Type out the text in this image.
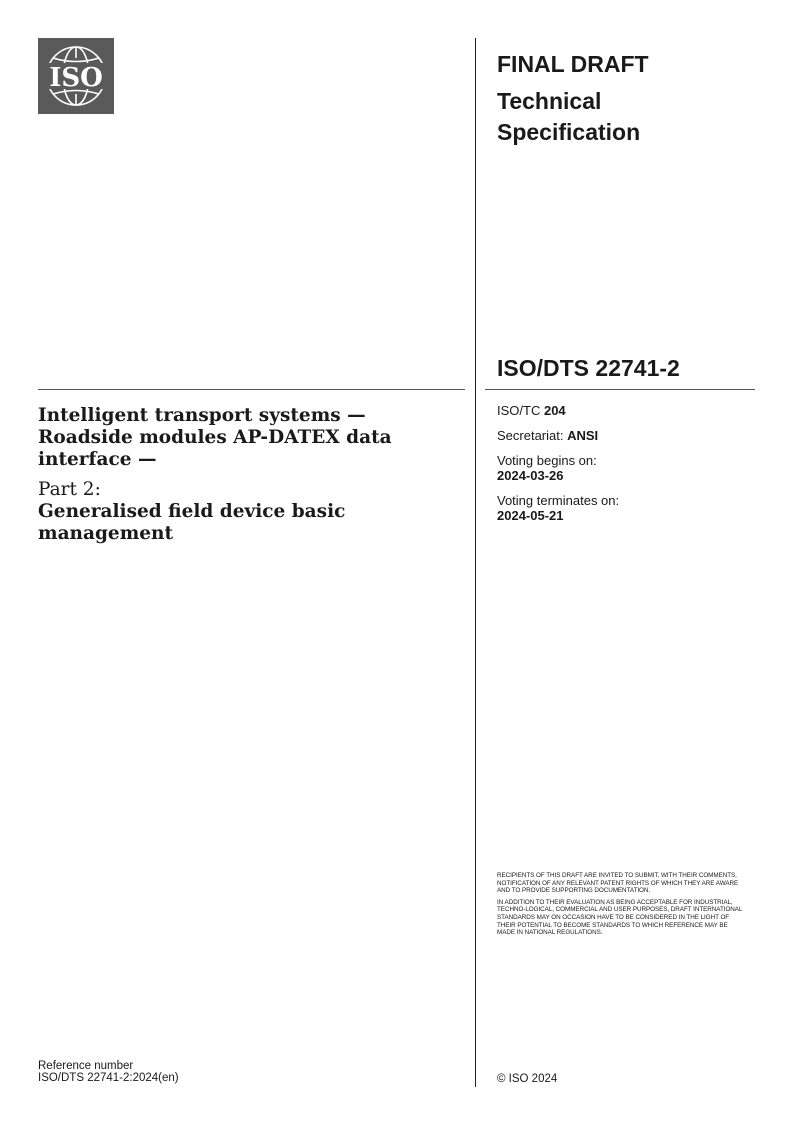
ISO	FINAL DRAFT
Technical Specification
ISO/DTS 22741-2

Intelligent transport systems — Roadside modules AP-DATEX data interface —

Part 2:

Generalised field device basic management

ISO/TC 204

Secretariat: ANSI

Voting begins on:
2024-03-26

Voting terminates on:
2024-05-21

RECIPIENTS OF THIS DRAFT ARE INVITED TO SUBMIT, WITH THEIR COMMENTS, NOTIFICATION OF ANY RELEVANT PATENT RIGHTS OF WHICH THEY ARE AWARE AND TO PROVIDE SUPPORTING DOCUMENTATION.

IN ADDITION TO THEIR EVALUATION AS BEING ACCEPTABLE FOR INDUSTRIAL, TECHNO-LOGICAL, COMMERCIAL AND USER PURPOSES, DRAFT INTERNATIONAL STANDARDS MAY ON OCCASION HAVE TO BE CONSIDERED IN THE LIGHT OF THEIR POTENTIAL TO BECOME STANDARDS TO WHICH REFERENCE MAY BE MADE IN NATIONAL REGULATIONS.

Reference number
ISO/DTS 22741-2:2024(en)	© ISO 2024
